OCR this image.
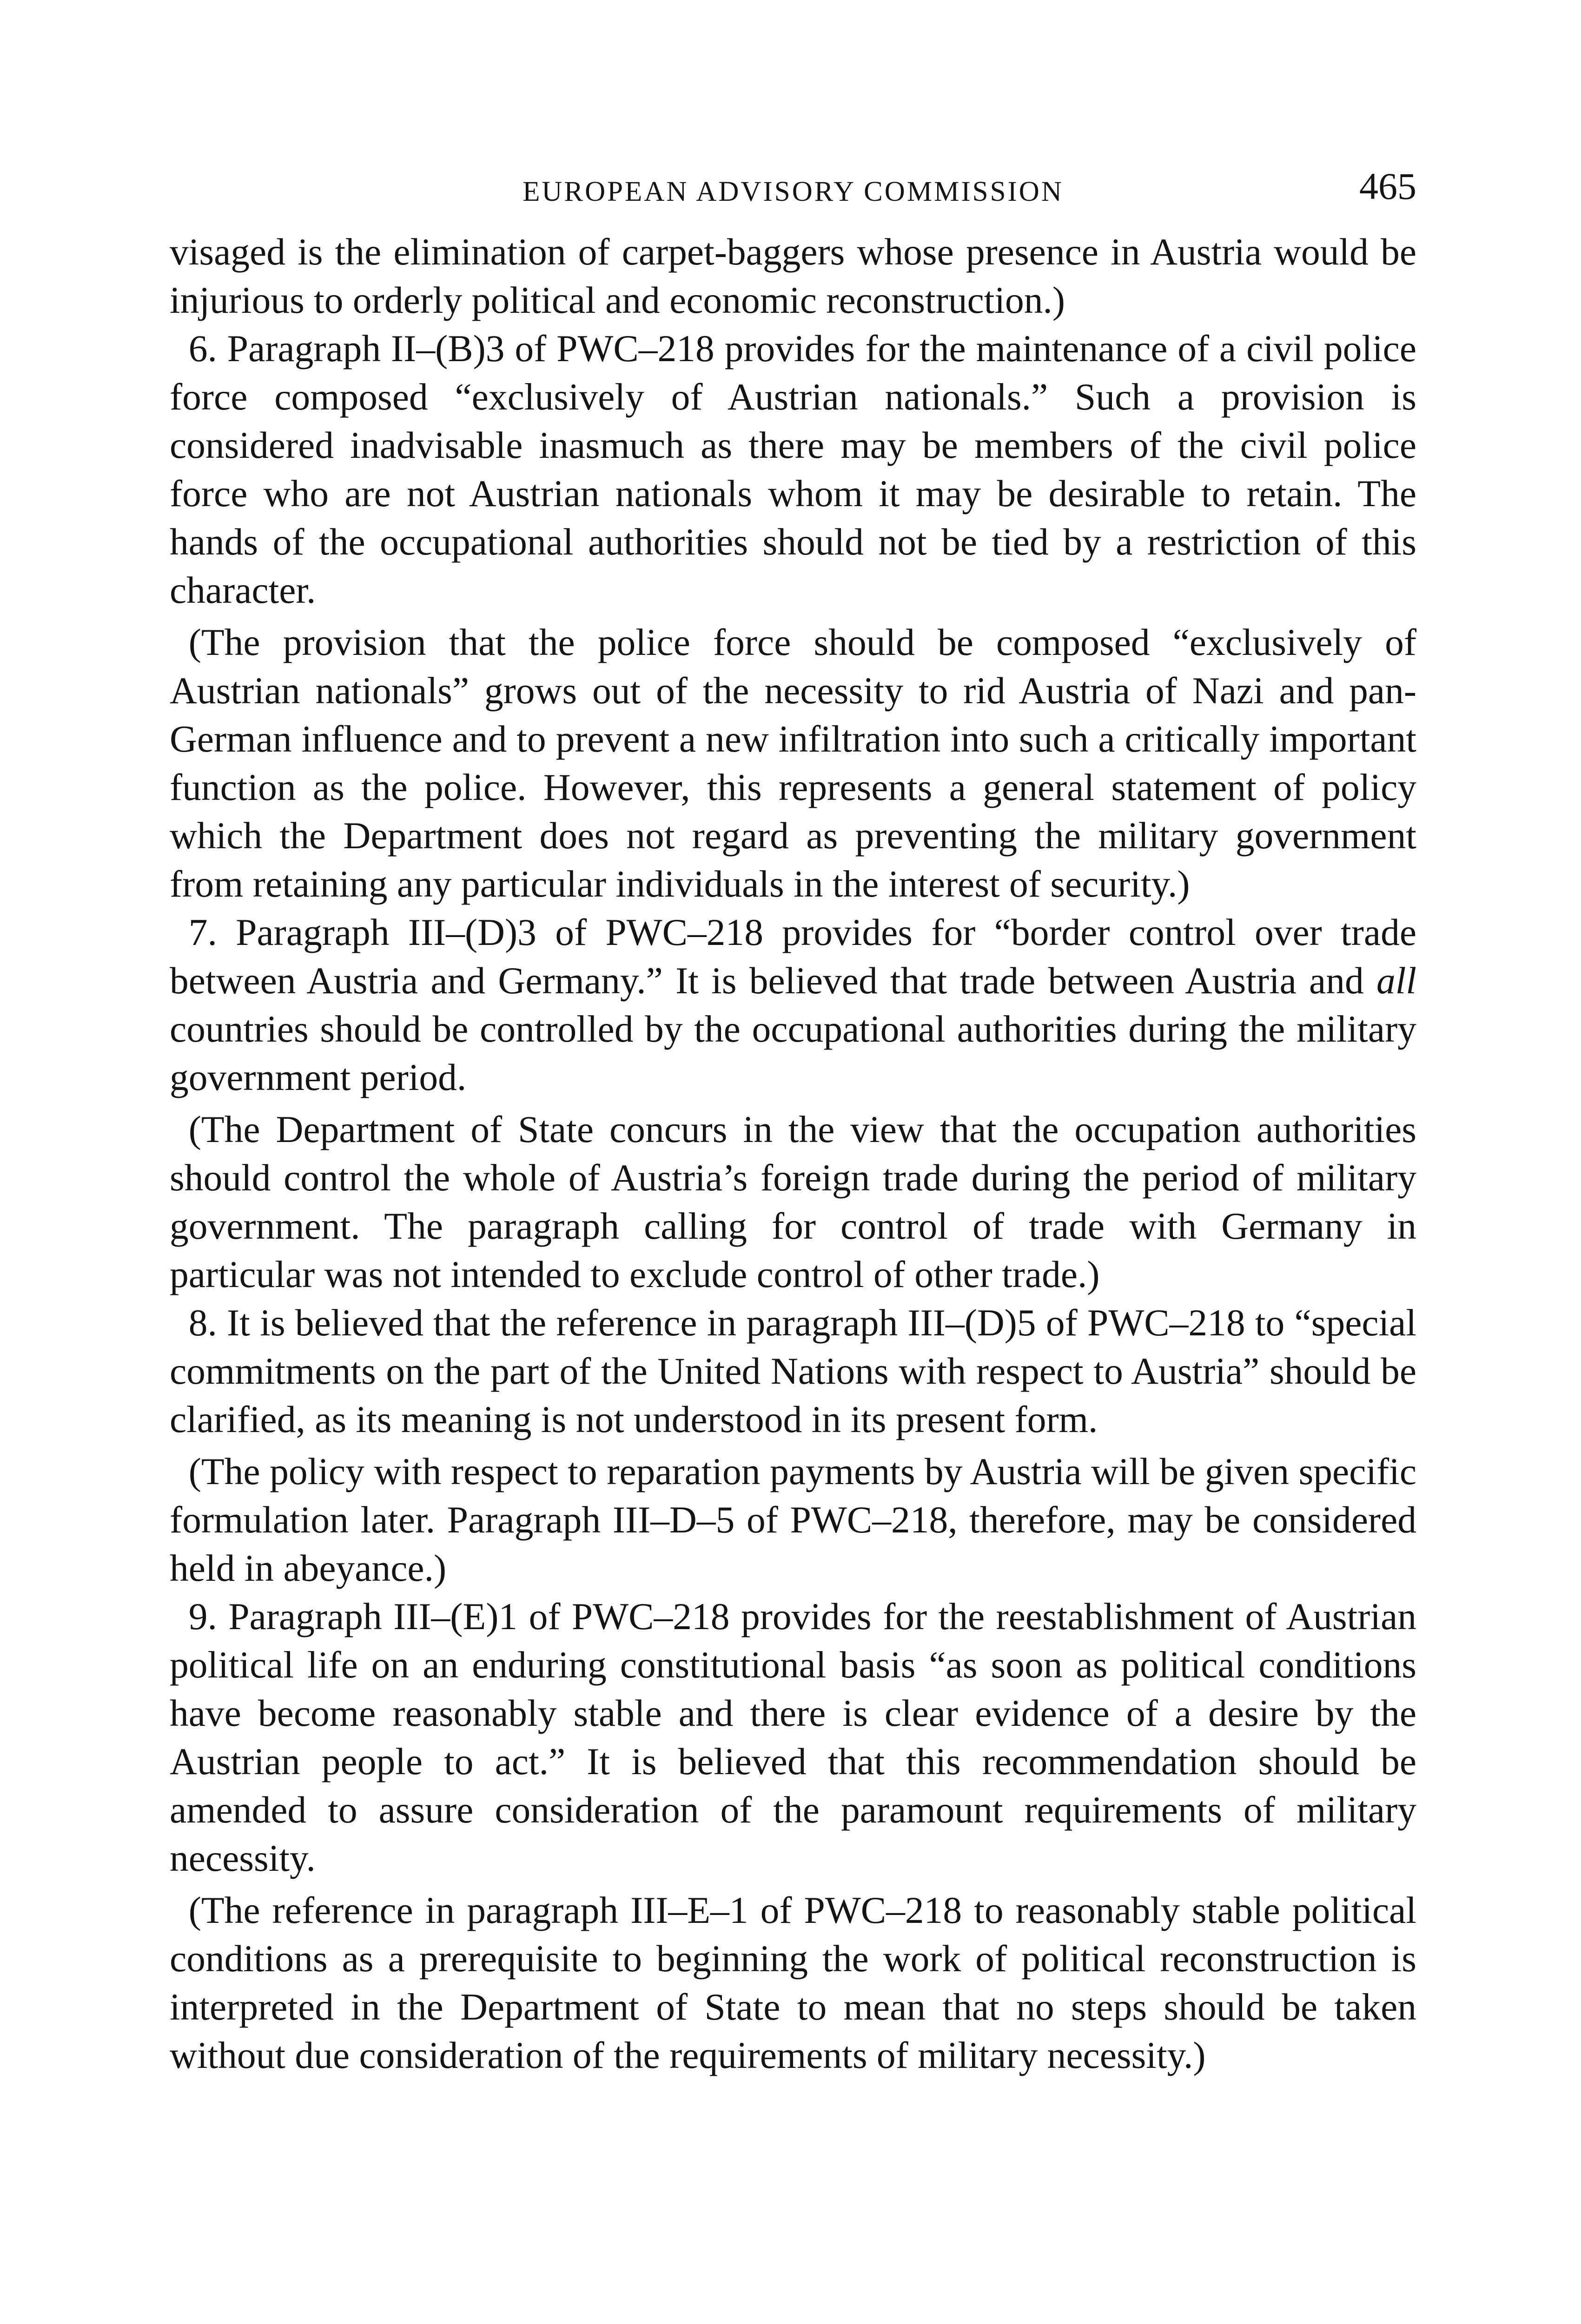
EUROPEAN ADVISORY COMMISSION	465

visaged is the elimination of carpet-baggers whose presence in Austria would be injurious to orderly political and economic reconstruction.)

6. Paragraph II–(B)3 of PWC–218 provides for the maintenance of a civil police force composed “exclusively of Austrian nationals.” Such a provision is considered inadvisable inasmuch as there may be members of the civil police force who are not Austrian nationals whom it may be desirable to retain. The hands of the occupational authorities should not be tied by a restriction of this character.

(The provision that the police force should be composed “exclusively of Austrian nationals” grows out of the necessity to rid Austria of Nazi and pan-German influence and to prevent a new infiltration into such a critically important function as the police. However, this represents a general statement of policy which the Department does not regard as preventing the military government from retaining any particular individuals in the interest of security.)

7. Paragraph III–(D)3 of PWC–218 provides for “border control over trade between Austria and Germany.” It is believed that trade between Austria and all countries should be controlled by the occupational authorities during the military government period.

(The Department of State concurs in the view that the occupation authorities should control the whole of Austria’s foreign trade during the period of military government. The paragraph calling for control of trade with Germany in particular was not intended to exclude control of other trade.)

8. It is believed that the reference in paragraph III–(D)5 of PWC–218 to “special commitments on the part of the United Nations with respect to Austria” should be clarified, as its meaning is not understood in its present form.

(The policy with respect to reparation payments by Austria will be given specific formulation later. Paragraph III–D–5 of PWC–218, therefore, may be considered held in abeyance.)

9. Paragraph III–(E)1 of PWC–218 provides for the reestablishment of Austrian political life on an enduring constitutional basis “as soon as political conditions have become reasonably stable and there is clear evidence of a desire by the Austrian people to act.” It is believed that this recommendation should be amended to assure consideration of the paramount requirements of military necessity.

(The reference in paragraph III–E–1 of PWC–218 to reasonably stable political conditions as a prerequisite to beginning the work of political reconstruction is interpreted in the Department of State to mean that no steps should be taken without due consideration of the requirements of military necessity.)
